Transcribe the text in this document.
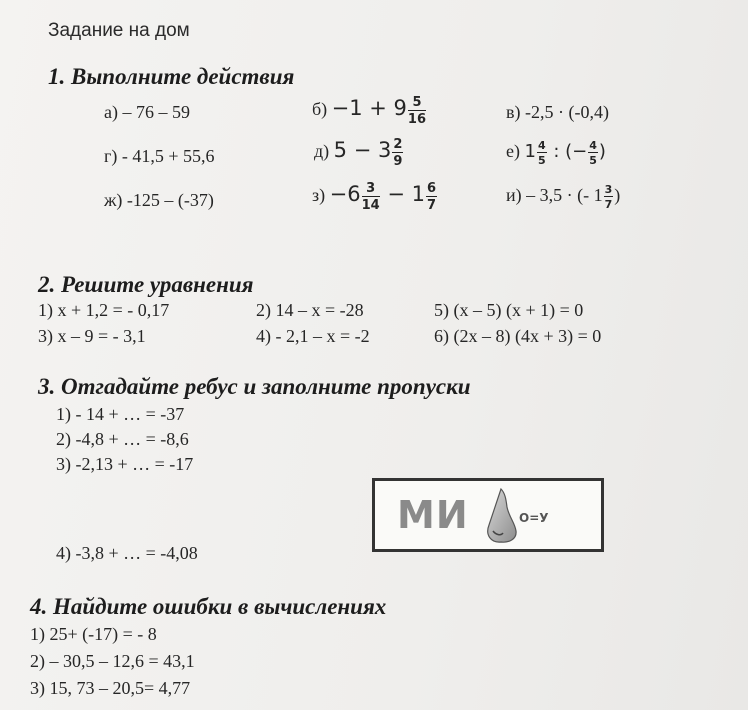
Задание на дом
1. Выполните действия
а) – 76 – 59	$б) -1 + 9 \frac{5}{16}$	в) -2,5 · (-0,4)
г) - 41,5 + 55,6	д) $5 - 3 \frac{2}{9}$	е) $1 \frac{4}{5}$ : (− $\frac{4}{5}$ )
ж) -125 – (-37)	$з) -6 \frac{3}{14} - 1 \frac{6}{7}$	и) – 3,5 · (- $1 \frac{3}{7}$ )
2. Решите уравнения
1) x + 1,2 = - 0,17	2) 14 – x = -28	5) (x – 5) (x + 1) = 0
3) x – 9 = - 3,1	4) - 2,1 – x = -2	6) (2x – 8) (4x + 3) = 0
3. Отгадайте ребус и заполните пропуски
1) - 14 + … = -37
2) -4,8 + … = -8,6
3) -2,13 + … = -17
МИ	О=У
4) -3,8 + … = -4,08
4. Найдите ошибки в вычислениях
1) 25+ (-17) = - 8
2) – 30,5 – 12,6 = 43,1
3) 15, 73 – 20,5= 4,77
